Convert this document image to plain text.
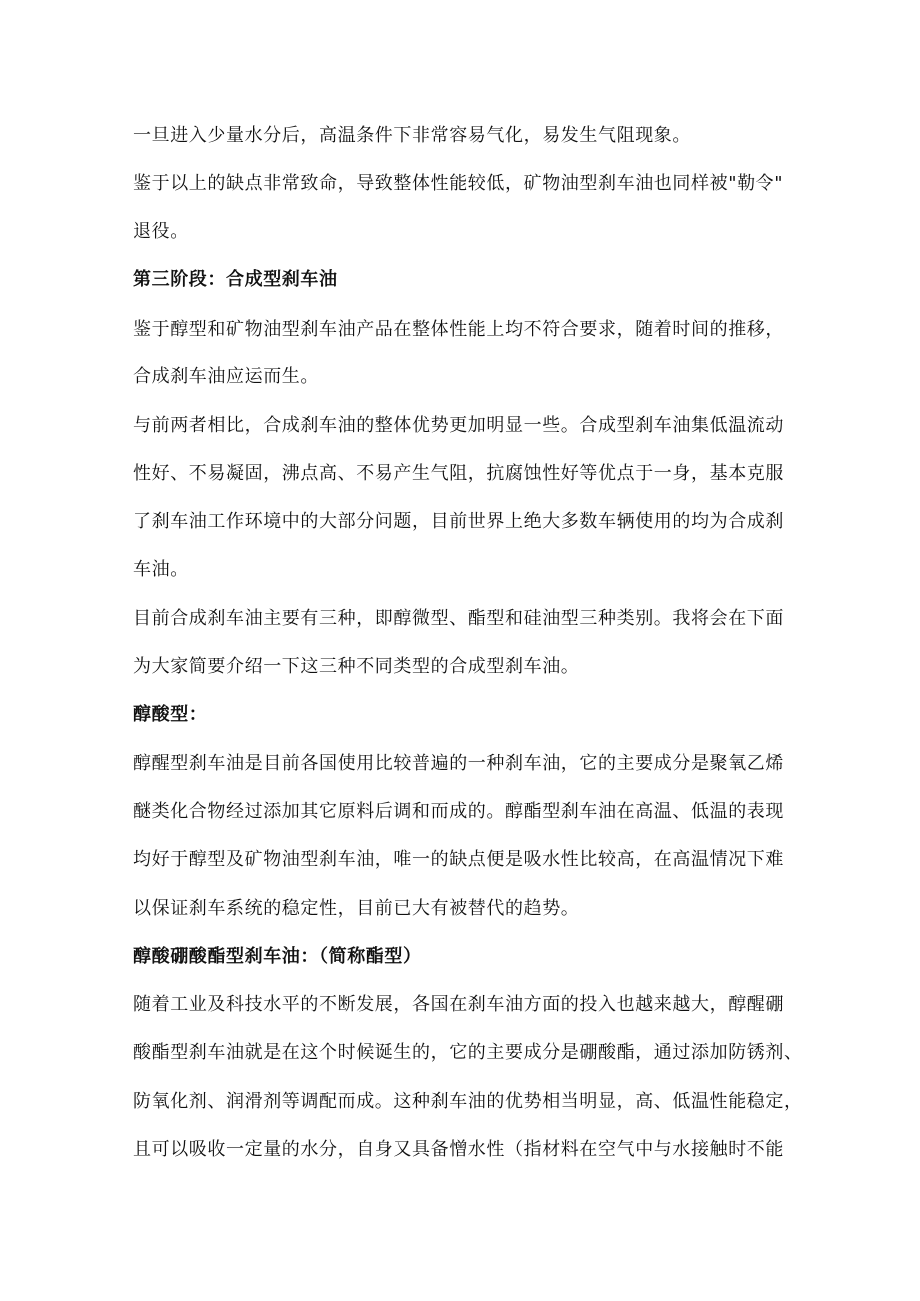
一旦进入少量水分后，高温条件下非常容易气化，易发生气阻现象。
鉴于以上的缺点非常致命，导致整体性能较低，矿物油型刹车油也同样被"勒令"
退役。
第三阶段：合成型刹车油
鉴于醇型和矿物油型刹车油产品在整体性能上均不符合要求，随着时间的推移，
合成刹车油应运而生。
与前两者相比，合成刹车油的整体优势更加明显一些。合成型刹车油集低温流动
性好、不易凝固，沸点高、不易产生气阻，抗腐蚀性好等优点于一身，基本克服
了刹车油工作环境中的大部分问题，目前世界上绝大多数车辆使用的均为合成刹
车油。
目前合成刹车油主要有三种，即醇微型、酯型和硅油型三种类别。我将会在下面
为大家简要介绍一下这三种不同类型的合成型刹车油。
醇酸型：
醇醒型刹车油是目前各国使用比较普遍的一种刹车油，它的主要成分是聚氧乙烯
醚类化合物经过添加其它原料后调和而成的。醇酯型刹车油在高温、低温的表现
均好于醇型及矿物油型刹车油，唯一的缺点便是吸水性比较高，在高温情况下难
以保证刹车系统的稳定性，目前已大有被替代的趋势。
醇酸硼酸酯型刹车油：（简称酯型）
随着工业及科技水平的不断发展，各国在刹车油方面的投入也越来越大，醇醒硼
酸酯型刹车油就是在这个时候诞生的，它的主要成分是硼酸酯，通过添加防锈剂、
防氧化剂、润滑剂等调配而成。这种刹车油的优势相当明显，高、低温性能稳定，
且可以吸收一定量的水分，自身又具备憎水性（指材料在空气中与水接触时不能
